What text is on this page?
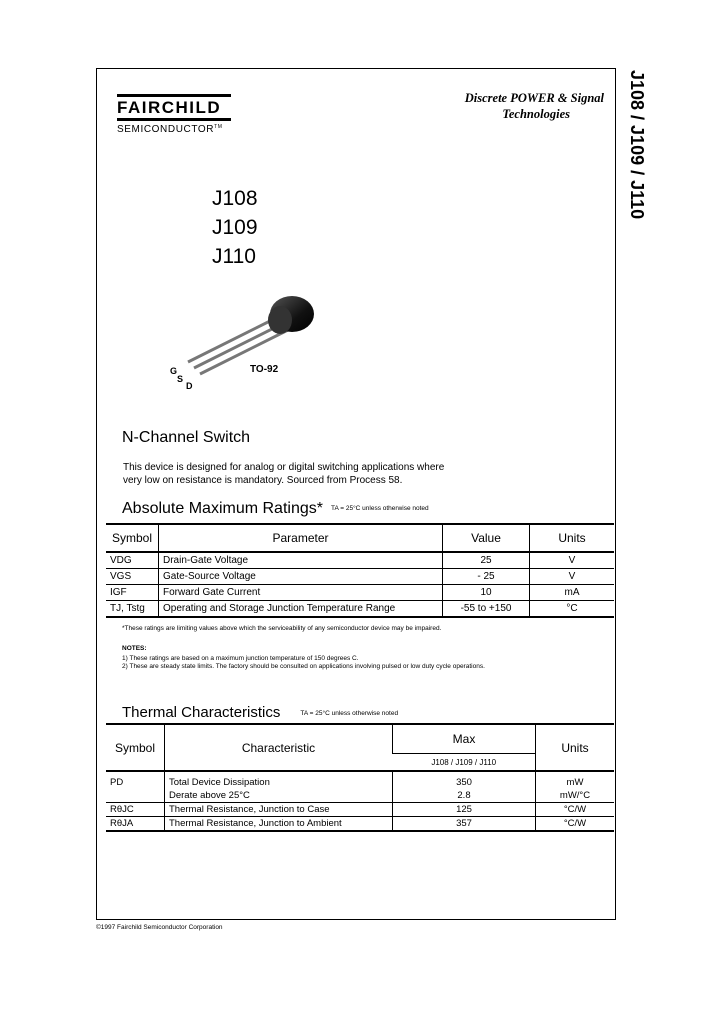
FAIRCHILD
SEMICONDUCTOR™
Discrete POWER & Signal
Technologies	J108 / J109 / J110
J108
J109
J110
G
S
D
TO-92
N-Channel Switch
This device is designed for analog or digital switching applications where very low on resistance is mandatory. Sourced from Process 58.
Absolute Maximum Ratings* TA = 25°C unless otherwise noted
Symbol	Parameter	Value	Units
VDG	Drain-Gate Voltage	25	V
VGS	Gate-Source Voltage	- 25	V
IGF	Forward Gate Current	10	mA
TJ, Tstg	Operating and Storage Junction Temperature Range	-55 to +150	°C
*These ratings are limiting values above which the serviceability of any semiconductor device may be impaired.
NOTES:
1) These ratings are based on a maximum junction temperature of 150 degrees C.
2) These are steady state limits. The factory should be consulted on applications involving pulsed or low duty cycle operations.
Thermal Characteristics	TA = 25°C unless otherwise noted
Symbol	Characteristic	Max	Units
		J108 / J109 / J110	
PD	Total Device Dissipation	350	mW
	Derate above 25°C	2.8	mW/°C
RθJC	Thermal Resistance, Junction to Case	125	°C/W
RθJA	Thermal Resistance, Junction to Ambient	357	°C/W
©1997 Fairchild Semiconductor Corporation
